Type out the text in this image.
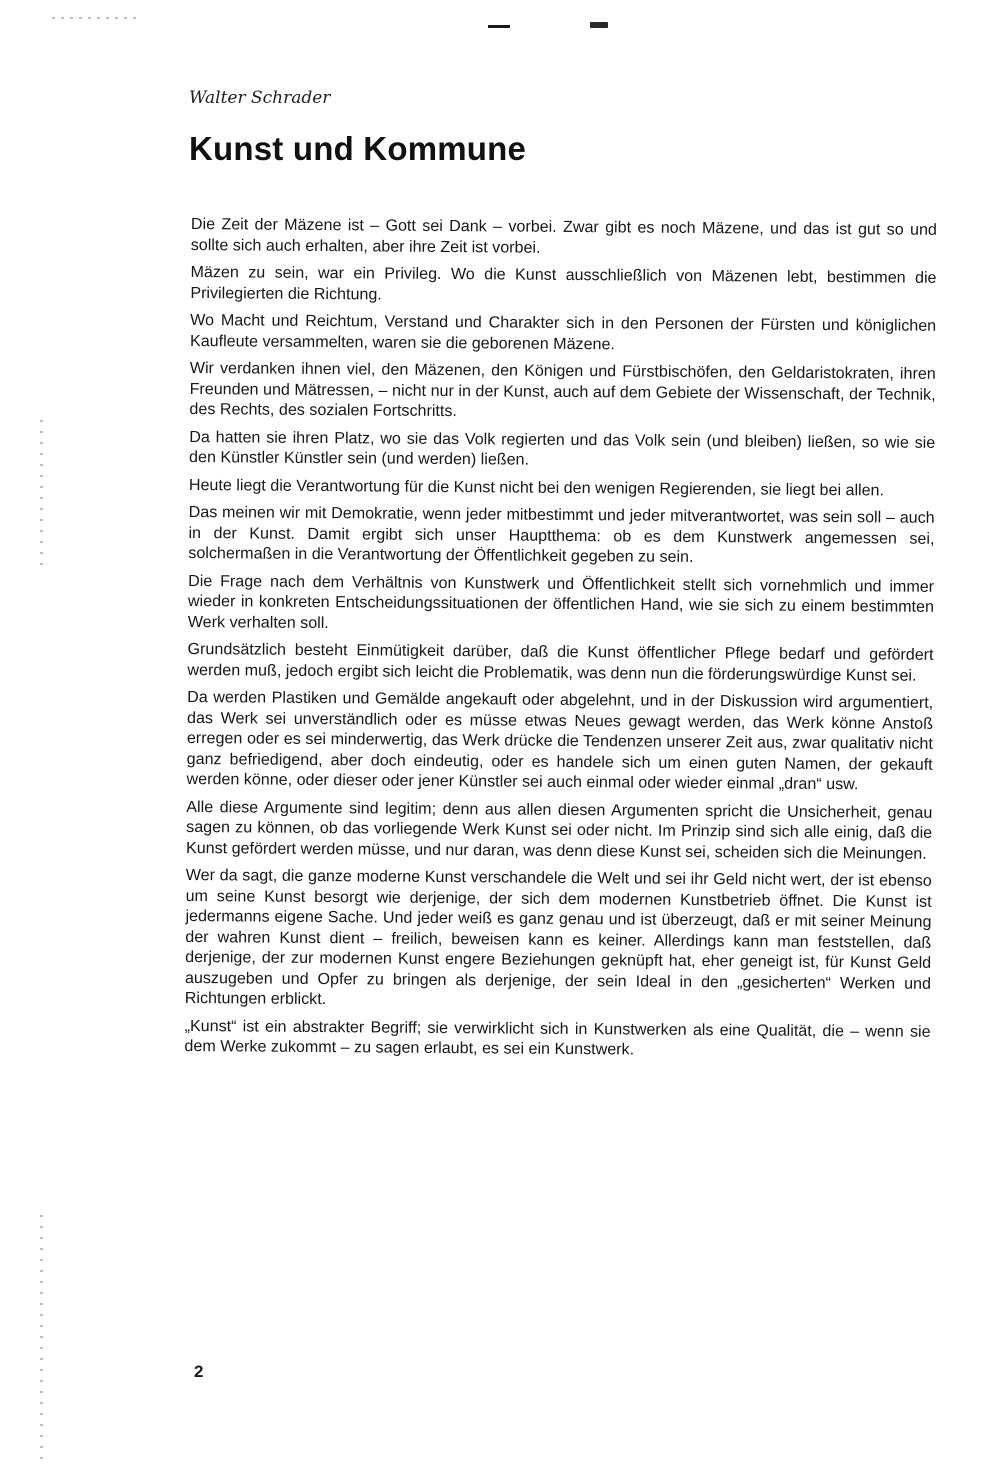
Walter Schrader

Kunst und Kommune

Die Zeit der Mäzene ist – Gott sei Dank – vorbei. Zwar gibt es noch Mäzene, und das ist gut so und sollte sich auch erhalten, aber ihre Zeit ist vorbei.

Mäzen zu sein, war ein Privileg. Wo die Kunst ausschließlich von Mäzenen lebt, bestimmen die Privilegierten die Richtung.

Wo Macht und Reichtum, Verstand und Charakter sich in den Personen der Fürsten und königlichen Kaufleute versammelten, waren sie die geborenen Mäzene.

Wir verdanken ihnen viel, den Mäzenen, den Königen und Fürstbischöfen, den Geldaristokraten, ihren Freunden und Mätressen, – nicht nur in der Kunst, auch auf dem Gebiete der Wissenschaft, der Technik, des Rechts, des sozialen Fortschritts.

Da hatten sie ihren Platz, wo sie das Volk regierten und das Volk sein (und bleiben) ließen, so wie sie den Künstler Künstler sein (und werden) ließen.

Heute liegt die Verantwortung für die Kunst nicht bei den wenigen Regierenden, sie liegt bei allen.

Das meinen wir mit Demokratie, wenn jeder mitbestimmt und jeder mitverantwortet, was sein soll – auch in der Kunst. Damit ergibt sich unser Hauptthema: ob es dem Kunstwerk angemessen sei, solchermaßen in die Verantwortung der Öffentlichkeit gegeben zu sein.

Die Frage nach dem Verhältnis von Kunstwerk und Öffentlichkeit stellt sich vornehmlich und immer wieder in konkreten Entscheidungssituationen der öffentlichen Hand, wie sie sich zu einem bestimmten Werk verhalten soll.

Grundsätzlich besteht Einmütigkeit darüber, daß die Kunst öffentlicher Pflege bedarf und gefördert werden muß, jedoch ergibt sich leicht die Problematik, was denn nun die förderungswürdige Kunst sei.

Da werden Plastiken und Gemälde angekauft oder abgelehnt, und in der Diskussion wird argumentiert, das Werk sei unverständlich oder es müsse etwas Neues gewagt werden, das Werk könne Anstoß erregen oder es sei minderwertig, das Werk drücke die Tendenzen unserer Zeit aus, zwar qualitativ nicht ganz befriedigend, aber doch eindeutig, oder es handele sich um einen guten Namen, der gekauft werden könne, oder dieser oder jener Künstler sei auch einmal oder wieder einmal „dran“ usw.

Alle diese Argumente sind legitim; denn aus allen diesen Argumenten spricht die Unsicherheit, genau sagen zu können, ob das vorliegende Werk Kunst sei oder nicht. Im Prinzip sind sich alle einig, daß die Kunst gefördert werden müsse, und nur daran, was denn diese Kunst sei, scheiden sich die Meinungen.

Wer da sagt, die ganze moderne Kunst verschandele die Welt und sei ihr Geld nicht wert, der ist ebenso um seine Kunst besorgt wie derjenige, der sich dem modernen Kunstbetrieb öffnet. Die Kunst ist jedermanns eigene Sache. Und jeder weiß es ganz genau und ist überzeugt, daß er mit seiner Meinung der wahren Kunst dient – freilich, beweisen kann es keiner. Allerdings kann man feststellen, daß derjenige, der zur modernen Kunst engere Beziehungen geknüpft hat, eher geneigt ist, für Kunst Geld auszugeben und Opfer zu bringen als derjenige, der sein Ideal in den „gesicherten“ Werken und Richtungen erblickt.

„Kunst“ ist ein abstrakter Begriff; sie verwirklicht sich in Kunstwerken als eine Qualität, die – wenn sie dem Werke zukommt – zu sagen erlaubt, es sei ein Kunstwerk.

2
